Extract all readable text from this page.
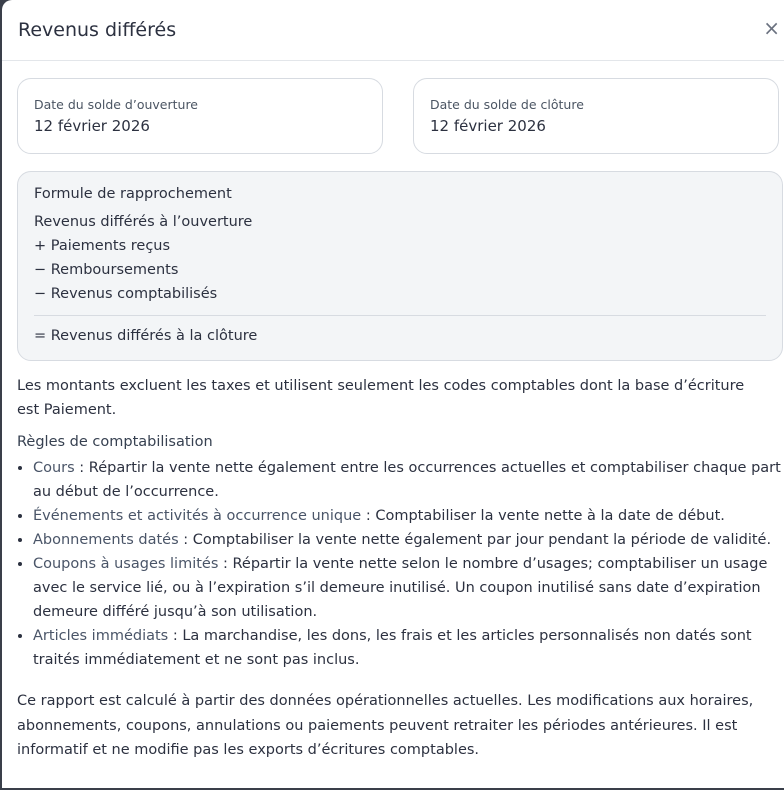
Revenus différés	×
Date du solde d’ouverture
12 février 2026
Date du solde de clôture
12 février 2026
Formule de rapprochement
Revenus différés à l’ouverture
+ Paiements reçus
− Remboursements
− Revenus comptabilisés
= Revenus différés à la clôture
Les montants excluent les taxes et utilisent seulement les codes comptables dont la base d’écriture est Paiement.
Règles de comptabilisation
• Cours : Répartir la vente nette également entre les occurrences actuelles et comptabiliser chaque part au début de l’occurrence.
• Événements et activités à occurrence unique : Comptabiliser la vente nette à la date de début.
• Abonnements datés : Comptabiliser la vente nette également par jour pendant la période de validité.
• Coupons à usages limités : Répartir la vente nette selon le nombre d’usages; comptabiliser un usage avec le service lié, ou à l’expiration s’il demeure inutilisé. Un coupon inutilisé sans date d’expiration demeure différé jusqu’à son utilisation.
• Articles immédiats : La marchandise, les dons, les frais et les articles personnalisés non datés sont traités immédiatement et ne sont pas inclus.
Ce rapport est calculé à partir des données opérationnelles actuelles. Les modifications aux horaires, abonnements, coupons, annulations ou paiements peuvent retraiter les périodes antérieures. Il est informatif et ne modifie pas les exports d’écritures comptables.
